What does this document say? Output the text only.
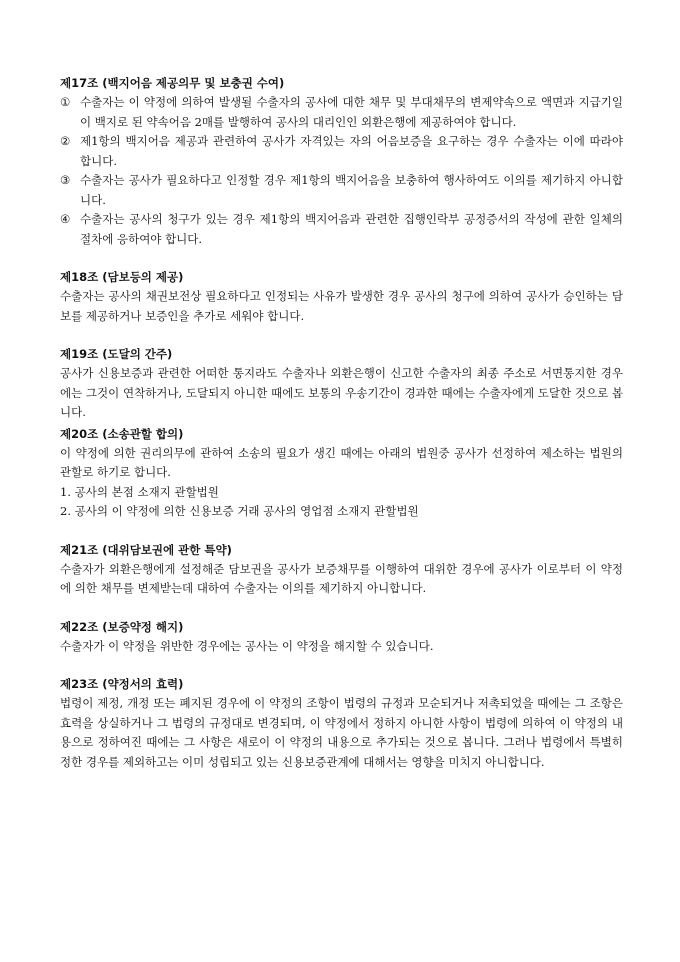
제17조 (백지어음 제공의무 및 보충권 수여)
① 수출자는 이 약정에 의하여 발생될 수출자의 공사에 대한 채무 및 부대채무의 변제약속으로 액면과 지급기일이 백지로 된 약속어음 2매를 발행하여 공사의 대리인인 외환은행에 제공하여야 합니다.
② 제1항의 백지어음 제공과 관련하여 공사가 자격있는 자의 어음보증을 요구하는 경우 수출자는 이에 따라야 합니다.
③ 수출자는 공사가 필요하다고 인정할 경우 제1항의 백지어음을 보충하여 행사하여도 이의를 제기하지 아니합니다.
④ 수출자는 공사의 청구가 있는 경우 제1항의 백지어음과 관련한 집행인락부 공정증서의 작성에 관한 일체의 절차에 응하여야 합니다.
제18조 (담보등의 제공)

수출자는 공사의 채권보전상 필요하다고 인정되는 사유가 발생한 경우 공사의 청구에 의하여 공사가 승인하는 담보를 제공하거나 보증인을 추가로 세워야 합니다.

제19조 (도달의 간주)

공사가 신용보증과 관련한 어떠한 통지라도 수출자나 외환은행이 신고한 수출자의 최종 주소로 서면통지한 경우에는 그것이 연착하거나, 도달되지 아니한 때에도 보통의 우송기간이 경과한 때에는 수출자에게 도달한 것으로 봅니다.

제20조 (소송관할 합의)

이 약정에 의한 권리의무에 관하여 소송의 필요가 생긴 때에는 아래의 법원중 공사가 선정하여 제소하는 법원의 관할로 하기로 합니다.

1. 공사의 본점 소재지 관할법원

2. 공사의 이 약정에 의한 신용보증 거래 공사의 영업점 소재지 관할법원

제21조 (대위담보권에 관한 특약)

수출자가 외환은행에게 설정해준 담보권을 공사가 보증채무를 이행하여 대위한 경우에 공사가 이로부터 이 약정에 의한 채무를 변제받는데 대하여 수출자는 이의를 제기하지 아니합니다.

제22조 (보증약정 해지)

수출자가 이 약정을 위반한 경우에는 공사는 이 약정을 해지할 수 있습니다.

제23조 (약정서의 효력)

법령이 제정, 개정 또는 폐지된 경우에 이 약정의 조항이 법령의 규정과 모순되거나 저촉되었을 때에는 그 조항은 효력을 상실하거나 그 법령의 규정대로 변경되며, 이 약정에서 정하지 아니한 사항이 법령에 의하여 이 약정의 내용으로 정하여진 때에는 그 사항은 새로이 이 약정의 내용으로 추가되는 것으로 봅니다. 그러나 법령에서 특별히 정한 경우를 제외하고는 이미 성립되고 있는 신용보증관계에 대해서는 영향을 미치지 아니합니다.
